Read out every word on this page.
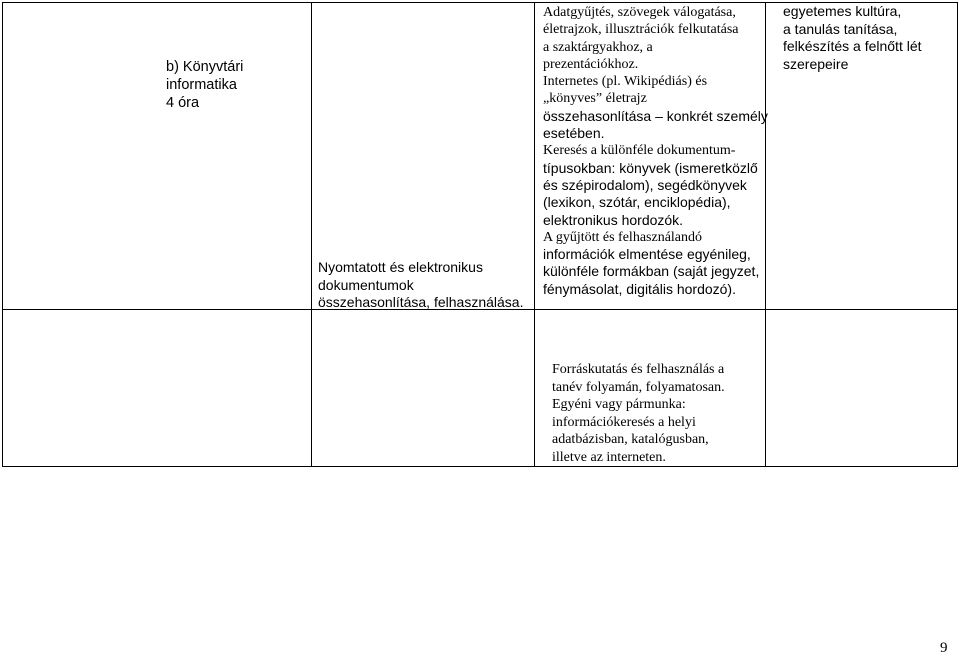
b) Könyvtári
informatika
4 óra
Nyomtatott és elektronikus
dokumentumok
összehasonlítása, felhasználása.
Adatgyűjtés, szövegek válogatása,
életrajzok, illusztrációk felkutatása
a szaktárgyakhoz, a
prezentációkhoz.
Internetes (pl. Wikipédiás) és
„könyves” életrajz
összehasonlítása – konkrét személy
esetében.
Keresés a különféle dokumentum-
típusokban: könyvek (ismeretközlő
és szépirodalom), segédkönyvek
(lexikon, szótár, enciklopédia),
elektronikus hordozók.
A gyűjtött és felhasználandó
információk elmentése egyénileg,
különféle formákban (saját jegyzet,
fénymásolat, digitális hordozó).
egyetemes kultúra,
a tanulás tanítása,
felkészítés a felnőtt lét
szerepeire
Forráskutatás és felhasználás a
tanév folyamán, folyamatosan.
Egyéni vagy pármunka:
információkeresés a helyi
adatbázisban, katalógusban,
illetve az interneten.
9
